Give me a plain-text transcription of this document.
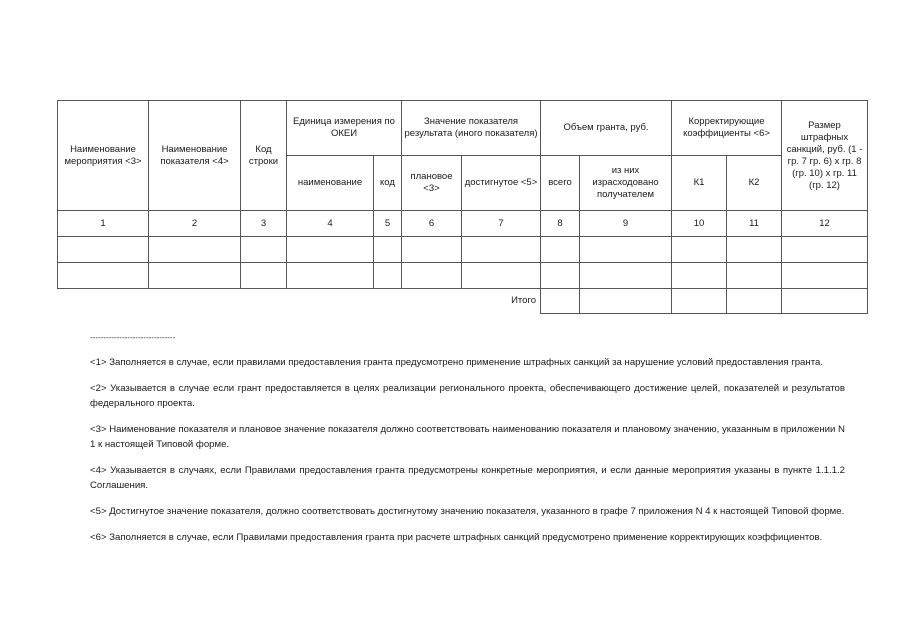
Наименование мероприятия <3>	Наименование показателя <4>	Код строки	Единица измерения по ОКЕИ		Значение показателя результата (иного показателя)		Объем гранта, руб.		Корректирующие коэффициенты <6>		Размер штрафных санкций, руб. (1 - гр. 7 гр. 6) x гр. 8 (гр. 10) x гр. 11 (гр. 12)
			наименование	код	плановое <3>	достигнутое <5>	всего	из них израсходовано получателем	К1	К2	
1	2	3	4	5	6	7	8	9	10	11	12

Итого											
--------------------------------

<1> Заполняется в случае, если правилами предоставления гранта предусмотрено применение штрафных санкций за нарушение условий предоставления гранта.

<2> Указывается в случае если грант предоставляется в целях реализации регионального проекта, обеспечивающего достижение целей, показателей и результатов федерального проекта.

<3> Наименование показателя и плановое значение показателя должно соответствовать наименованию показателя и плановому значению, указанным в приложении N 1 к настоящей Типовой форме.

<4> Указывается в случаях, если Правилами предоставления гранта предусмотрены конкретные мероприятия, и если данные мероприятия указаны в пункте 1.1.1.2 Соглашения.

<5> Достигнутое значение показателя, должно соответствовать достигнутому значению показателя, указанного в графе 7 приложения N 4 к настоящей Типовой форме.

<6> Заполняется в случае, если Правилами предоставления гранта при расчете штрафных санкций предусмотрено применение корректирующих коэффициентов.
